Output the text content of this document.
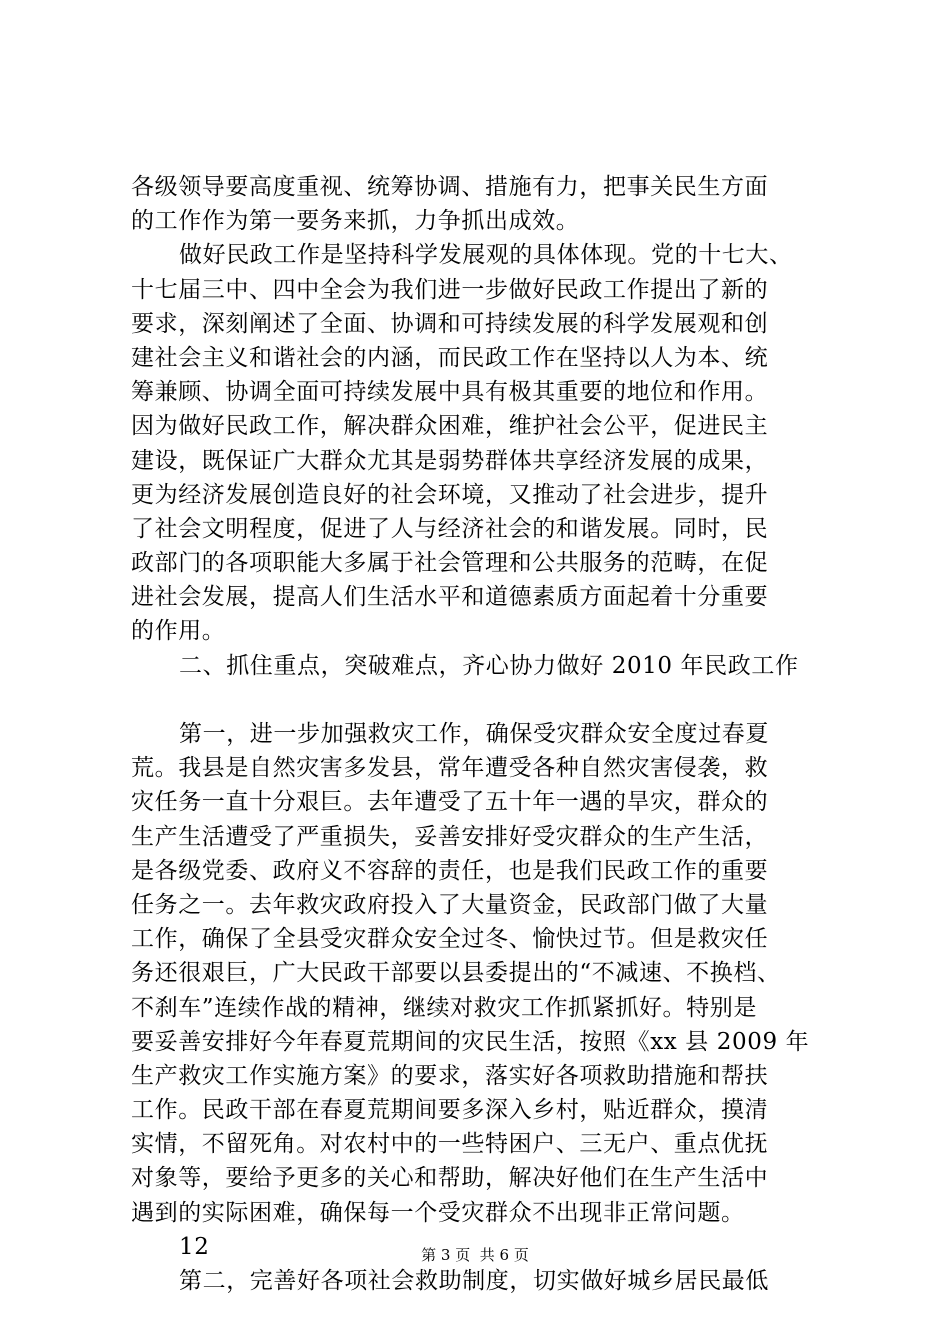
各级领导要高度重视、统筹协调、措施有力，把事关民生方面
的工作作为第一要务来抓，力争抓出成效。
做好民政工作是坚持科学发展观的具体体现。党的十七大、
十七届三中、四中全会为我们进一步做好民政工作提出了新的
要求，深刻阐述了全面、协调和可持续发展的科学发展观和创
建社会主义和谐社会的内涵，而民政工作在坚持以人为本、统
筹兼顾、协调全面可持续发展中具有极其重要的地位和作用。
因为做好民政工作，解决群众困难，维护社会公平，促进民主
建设，既保证广大群众尤其是弱势群体共享经济发展的成果，
更为经济发展创造良好的社会环境，又推动了社会进步，提升
了社会文明程度，促进了人与经济社会的和谐发展。同时，民
政部门的各项职能大多属于社会管理和公共服务的范畴，在促
进社会发展，提高人们生活水平和道德素质方面起着十分重要
的作用。
二、抓住重点，突破难点，齐心协力做好 2010 年民政工作
第一，进一步加强救灾工作，确保受灾群众安全度过春夏
荒。我县是自然灾害多发县，常年遭受各种自然灾害侵袭，救
灾任务一直十分艰巨。去年遭受了五十年一遇的旱灾，群众的
生产生活遭受了严重损失，妥善安排好受灾群众的生产生活，
是各级党委、政府义不容辞的责任，也是我们民政工作的重要
任务之一。去年救灾政府投入了大量资金，民政部门做了大量
工作，确保了全县受灾群众安全过冬、愉快过节。但是救灾任
务还很艰巨，广大民政干部要以县委提出的“不减速、不换档、
不刹车”连续作战的精神，继续对救灾工作抓紧抓好。特别是
要妥善安排好今年春夏荒期间的灾民生活，按照《xx 县 2009 年
生产救灾工作实施方案》的要求，落实好各项救助措施和帮扶
工作。民政干部在春夏荒期间要多深入乡村，贴近群众，摸清
实情，不留死角。对农村中的一些特困户、三无户、重点优抚
对象等，要给予更多的关心和帮助，解决好他们在生产生活中
遇到的实际困难，确保每一个受灾群众不出现非正常问题。
12
第二，完善好各项社会救助制度，切实做好城乡居民最低
第 3 页  共 6 页
